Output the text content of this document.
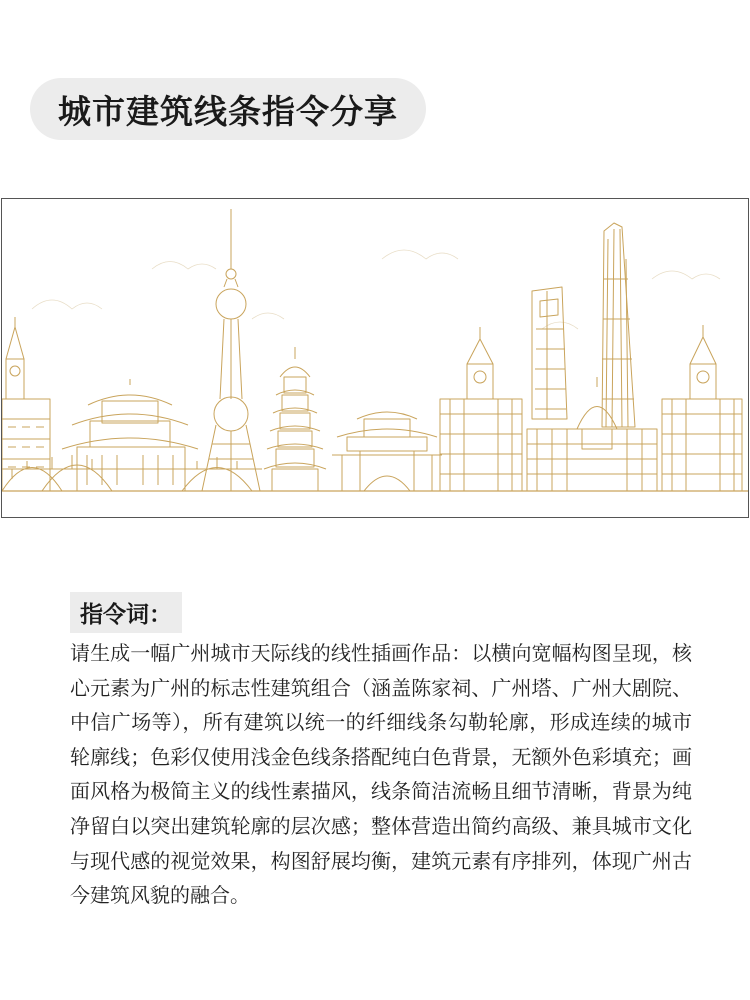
城市建筑线条指令分享
指令词：

请生成一幅广州城市天际线的线性插画作品：以横向宽幅构图呈现，核心元素为广州的标志性建筑组合（涵盖陈家祠、广州塔、广州大剧院、中信广场等），所有建筑以统一的纤细线条勾勒轮廓，形成连续的城市轮廓线；色彩仅使用浅金色线条搭配纯白色背景，无额外色彩填充；画面风格为极简主义的线性素描风，线条简洁流畅且细节清晰，背景为纯净留白以突出建筑轮廓的层次感；整体营造出简约高级、兼具城市文化与现代感的视觉效果，构图舒展均衡，建筑元素有序排列，体现广州古今建筑风貌的融合。
